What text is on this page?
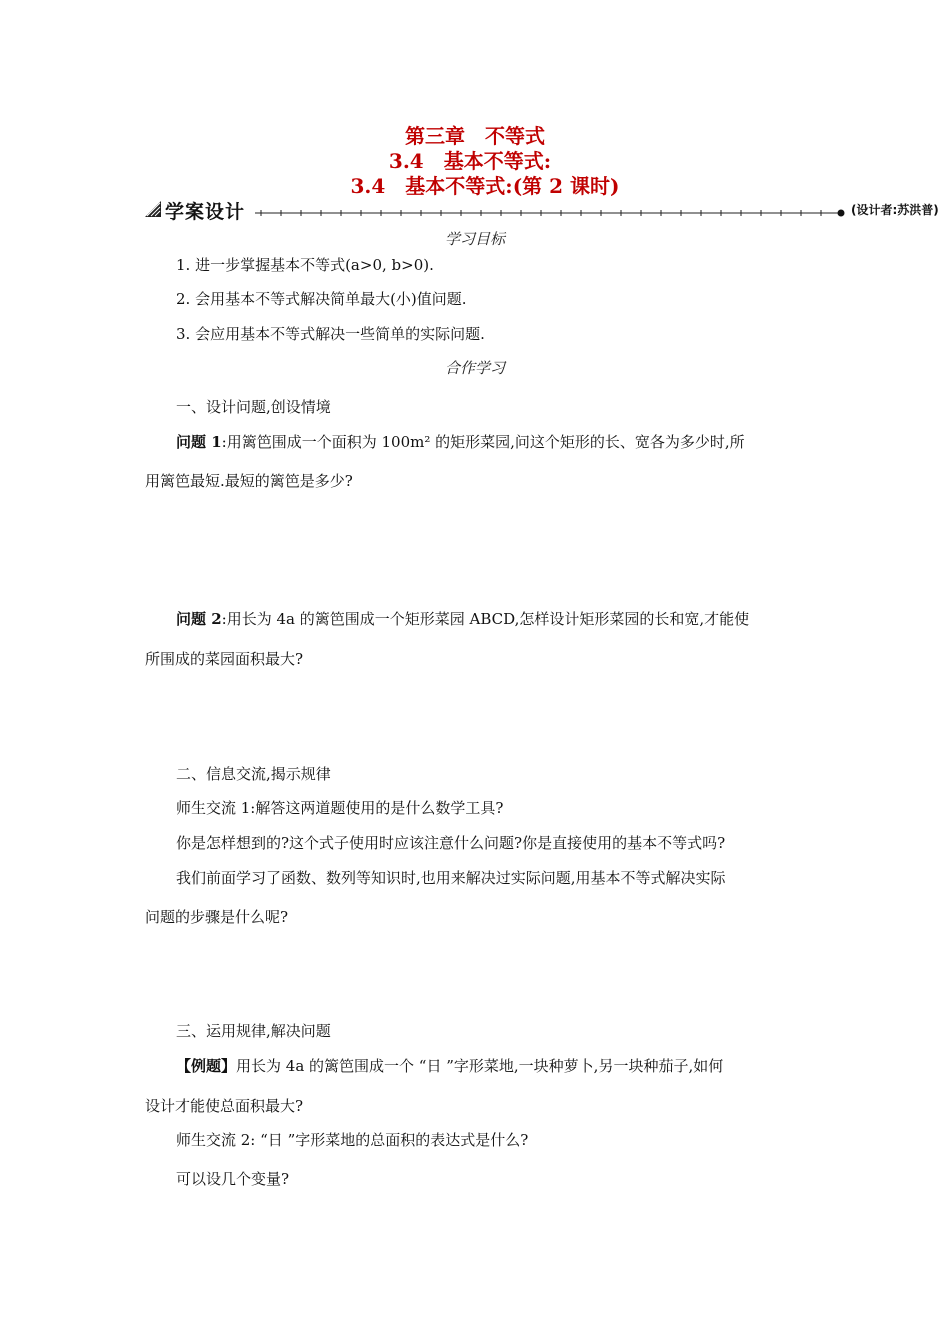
第三章　不等式
3.4　基本不等式:
3.4　基本不等式:(第 2 课时)
学案设计	(设计者:苏洪普)
学习目标
1. 进一步掌握基本不等式(a>0, b>0).
2. 会用基本不等式解决简单最大(小)值问题.
3. 会应用基本不等式解决一些简单的实际问题.
合作学习
一、设计问题,创设情境
问题 1:用篱笆围成一个面积为 100m² 的矩形菜园,问这个矩形的长、宽各为多少时,所
用篱笆最短.最短的篱笆是多少?
问题 2:用长为 4a 的篱笆围成一个矩形菜园 ABCD,怎样设计矩形菜园的长和宽,才能使
所围成的菜园面积最大?
二、信息交流,揭示规律
师生交流 1:解答这两道题使用的是什么数学工具?
你是怎样想到的?这个式子使用时应该注意什么问题?你是直接使用的基本不等式吗?
我们前面学习了函数、数列等知识时,也用来解决过实际问题,用基本不等式解决实际
问题的步骤是什么呢?
三、运用规律,解决问题
【例题】用长为 4a 的篱笆围成一个 “日 ”字形菜地,一块种萝卜,另一块种茄子,如何
设计才能使总面积最大?
师生交流 2: “日 ”字形菜地的总面积的表达式是什么?
可以设几个变量?
